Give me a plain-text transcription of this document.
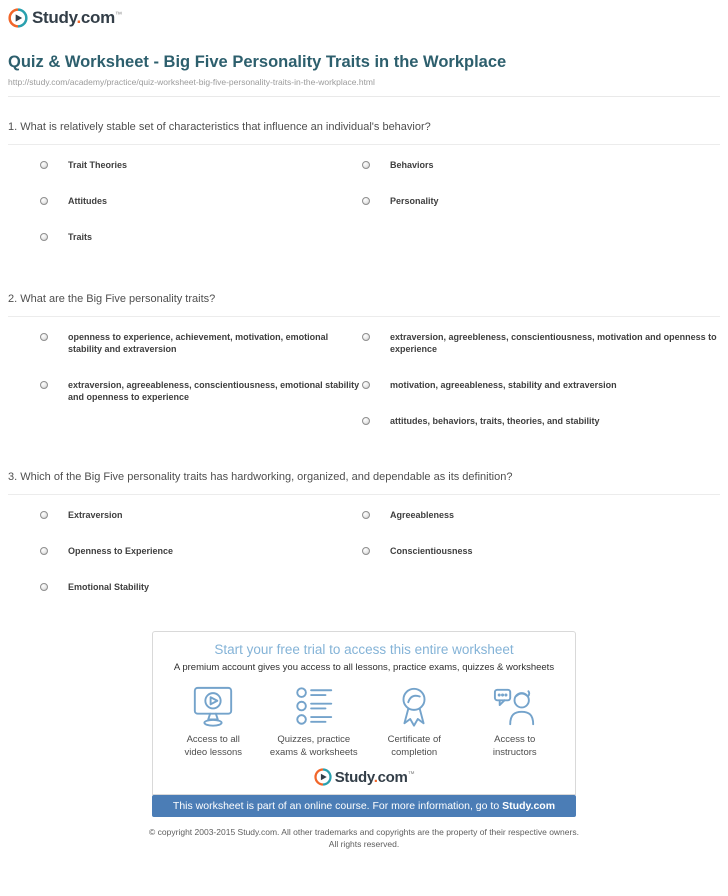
Study.com™
Quiz & Worksheet - Big Five Personality Traits in the Workplace
http://study.com/academy/practice/quiz-worksheet-big-five-personality-traits-in-the-workplace.html
1. What is relatively stable set of characteristics that influence an individual's behavior?
Trait Theories
Attitudes
Traits
Behaviors
Personality
2. What are the Big Five personality traits?
openness to experience, achievement, motivation, emotional stability and extraversion
extraversion, agreeableness, conscientiousness, emotional stability and openness to experience
extraversion, agreebleness, conscientiousness, motivation and openness to experience
motivation, agreeableness, stability and extraversion
attitudes, behaviors, traits, theories, and stability
3. Which of the Big Five personality traits has hardworking, organized, and dependable as its definition?
Extraversion
Openness to Experience
Emotional Stability
Agreeableness
Conscientiousness
Start your free trial to access this entire worksheet
A premium account gives you access to all lessons, practice exams, quizzes & worksheets
Access to all
video lessons
Quizzes, practice
exams & worksheets
Certificate of
completion
Access to
instructors
Study.com™
This worksheet is part of an online course. For more information, go to Study.com
© copyright 2003-2015 Study.com. All other trademarks and copyrights are the property of their respective owners.
All rights reserved.
